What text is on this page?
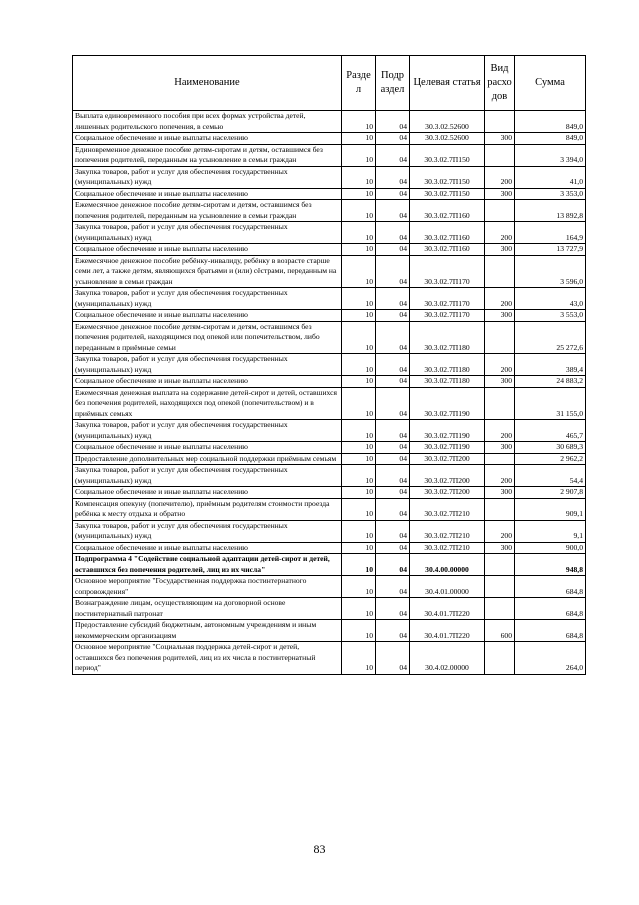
Наименование	Разде л	Подр аздел	Целевая статья	Вид расхо дов	Сумма
Выплата единовременного пособия при всех формах устройства детей, лишенных родительского попечения, в семью	10	04	30.3.02.52600		849,0
Социальное обеспечение и иные выплаты населению	10	04	30.3.02.52600	300	849,0
Единовременное денежное пособие детям-сиротам и детям, оставшимся без попечения родителей, переданным на усыновление в семьи граждан	10	04	30.3.02.7П150		3 394,0
Закупка товаров, работ и услуг для обеспечения государственных (муниципальных) нужд	10	04	30.3.02.7П150	200	41,0
Социальное обеспечение и иные выплаты населению	10	04	30.3.02.7П150	300	3 353,0
Ежемесячное денежное пособие детям-сиротам и детям, оставшимся без попечения родителей, переданным на усыновление в семьи граждан	10	04	30.3.02.7П160		13 892,8
Закупка товаров, работ и услуг для обеспечения государственных (муниципальных) нужд	10	04	30.3.02.7П160	200	164,9
Социальное обеспечение и иные выплаты населению	10	04	30.3.02.7П160	300	13 727,9
Ежемесячное денежное пособие ребёнку-инвалиду, ребёнку в возрасте старше семи лет, а также детям, являющихся братьями и (или) сёстрами, переданным на усыновление в семьи граждан	10	04	30.3.02.7П170		3 596,0
Закупка товаров, работ и услуг для обеспечения государственных (муниципальных) нужд	10	04	30.3.02.7П170	200	43,0
Социальное обеспечение и иные выплаты населению	10	04	30.3.02.7П170	300	3 553,0
Ежемесячное денежное пособие детям-сиротам и детям, оставшимся без попечения родителей, находящимся под опекой или попечительством, либо переданным в приёмные семьи	10	04	30.3.02.7П180		25 272,6
Закупка товаров, работ и услуг для обеспечения государственных (муниципальных) нужд	10	04	30.3.02.7П180	200	389,4
Социальное обеспечение и иные выплаты населению	10	04	30.3.02.7П180	300	24 883,2
Ежемесячная денежная выплата на содержание детей-сирот и детей, оставшихся без попечения родителей, находящихся под опекой (попечительством) и в приёмных семьях	10	04	30.3.02.7П190		31 155,0
Закупка товаров, работ и услуг для обеспечения государственных (муниципальных) нужд	10	04	30.3.02.7П190	200	465,7
Социальное обеспечение и иные выплаты населению	10	04	30.3.02.7П190	300	30 689,3
Предоставление дополнительных мер социальной поддержки приёмным семьям	10	04	30.3.02.7П200		2 962,2
Закупка товаров, работ и услуг для обеспечения государственных (муниципальных) нужд	10	04	30.3.02.7П200	200	54,4
Социальное обеспечение и иные выплаты населению	10	04	30.3.02.7П200	300	2 907,8
Компенсация опекуну (попечителю), приёмным родителям стоимости проезда ребёнка к месту отдыха и обратно	10	04	30.3.02.7П210		909,1
Закупка товаров, работ и услуг для обеспечения государственных (муниципальных) нужд	10	04	30.3.02.7П210	200	9,1
Социальное обеспечение и иные выплаты населению	10	04	30.3.02.7П210	300	900,0
Подпрограмма 4 "Содействие социальной адаптации детей-сирот и детей, оставшихся без попечения родителей, лиц из их числа"	10	04	30.4.00.00000		948,8
Основное мероприятие "Государственная поддержка постинтернатного сопровождения"	10	04	30.4.01.00000		684,8
Вознаграждение лицам, осуществляющим на договорной основе постинтернатный патронат	10	04	30.4.01.7П220		684,8
Предоставление субсидий бюджетным, автономным учреждениям и иным некоммерческим организациям	10	04	30.4.01.7П220	600	684,8
Основное мероприятие "Социальная поддержка детей-сирот и детей, оставшихся без попечения родителей, лиц из их числа в постинтернатный период"	10	04	30.4.02.00000		264,0
83
